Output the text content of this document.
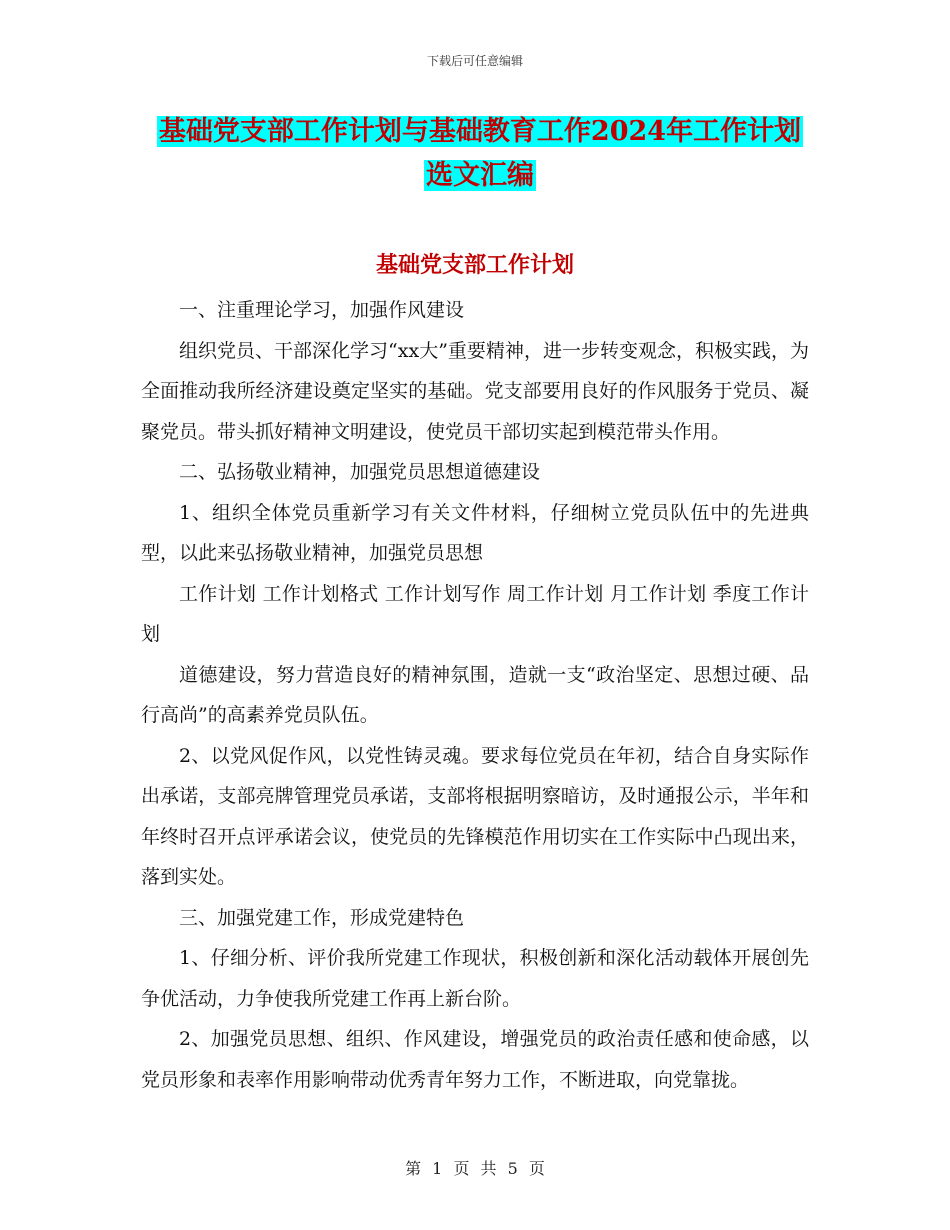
下载后可任意编辑
基础党支部工作计划与基础教育工作2024年工作计划
选文汇编
基础党支部工作计划

一、注重理论学习，加强作风建设

组织党员、干部深化学习“xx大”重要精神，进一步转变观念，积极实践，为全面推动我所经济建设奠定坚实的基础。党支部要用良好的作风服务于党员、凝聚党员。带头抓好精神文明建设，使党员干部切实起到模范带头作用。

二、弘扬敬业精神，加强党员思想道德建设

1、组织全体党员重新学习有关文件材料，仔细树立党员队伍中的先进典型，以此来弘扬敬业精神，加强党员思想

工作计划 工作计划格式 工作计划写作 周工作计划 月工作计划 季度工作计划

道德建设，努力营造良好的精神氛围，造就一支“政治坚定、思想过硬、品行高尚”的高素养党员队伍。

2、以党风促作风，以党性铸灵魂。要求每位党员在年初，结合自身实际作出承诺，支部亮牌管理党员承诺，支部将根据明察暗访，及时通报公示，半年和年终时召开点评承诺会议，使党员的先锋模范作用切实在工作实际中凸现出来，落到实处。

三、加强党建工作，形成党建特色

1、仔细分析、评价我所党建工作现状，积极创新和深化活动载体开展创先争优活动，力争使我所党建工作再上新台阶。

2、加强党员思想、组织、作风建设，增强党员的政治责任感和使命感，以党员形象和表率作用影响带动优秀青年努力工作，不断进取，向党靠拢。

第 1 页 共 5 页
